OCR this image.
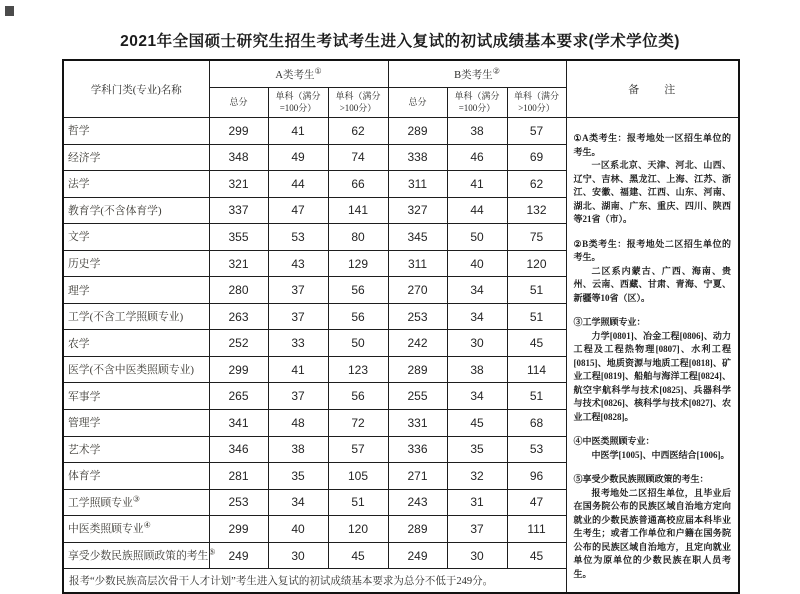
2021年全国硕士研究生招生考试考生进入复试的初试成绩基本要求(学术学位类)
学科门类(专业)名称	A类考生①			B类考生②			备　　注
	总分	单科（满分=100分）	单科（满分>100分）	总分	单科（满分=100分）	单科（满分>100分）	
哲学	299	41	62	289	38	57	

①A类考生：报考地处一区招生单位的考生。

一区系北京、天津、河北、山西、辽宁、吉林、黑龙江、上海、江苏、浙江、安徽、福建、江西、山东、河南、湖北、湖南、广东、重庆、四川、陕西等21省（市）。

②B类考生：报考地处二区招生单位的考生。

二区系内蒙古、广西、海南、贵州、云南、西藏、甘肃、青海、宁夏、新疆等10省（区）。

③工学照顾专业：

力学[0801]、冶金工程[0806]、动力工程及工程热物理[0807]、水利工程[0815]、地质资源与地质工程[0818]、矿业工程[0819]、船舶与海洋工程[0824]、航空宇航科学与技术[0825]、兵器科学与技术[0826]、核科学与技术[0827]、农业工程[0828]。

④中医类照顾专业：

中医学[1005]、中西医结合[1006]。

⑤享受少数民族照顾政策的考生：

报考地处二区招生单位，且毕业后在国务院公布的民族区域自治地方定向就业的少数民族普通高校应届本科毕业生考生；或者工作单位和户籍在国务院公布的民族区域自治地方，且定向就业单位为原单位的少数民族在职人员考生。

经济学	348	49	74	338	46	69	
法学	321	44	66	311	41	62	
教育学(不含体育学)	337	47	141	327	44	132	
文学	355	53	80	345	50	75	
历史学	321	43	129	311	40	120	
理学	280	37	56	270	34	51	
工学(不含工学照顾专业)	263	37	56	253	34	51	
农学	252	33	50	242	30	45	
医学(不含中医类照顾专业)	299	41	123	289	38	114	
军事学	265	37	56	255	34	51	
管理学	341	48	72	331	45	68	
艺术学	346	38	57	336	35	53	
体育学	281	35	105	271	32	96	
工学照顾专业③	253	34	51	243	31	47	
中医类照顾专业④	299	40	120	289	37	111	
享受少数民族照顾政策的考生⑤	249	30	45	249	30	45	
报考“少数民族高层次骨干人才计划”考生进入复试的初试成绩基本要求为总分不低于249分。							
